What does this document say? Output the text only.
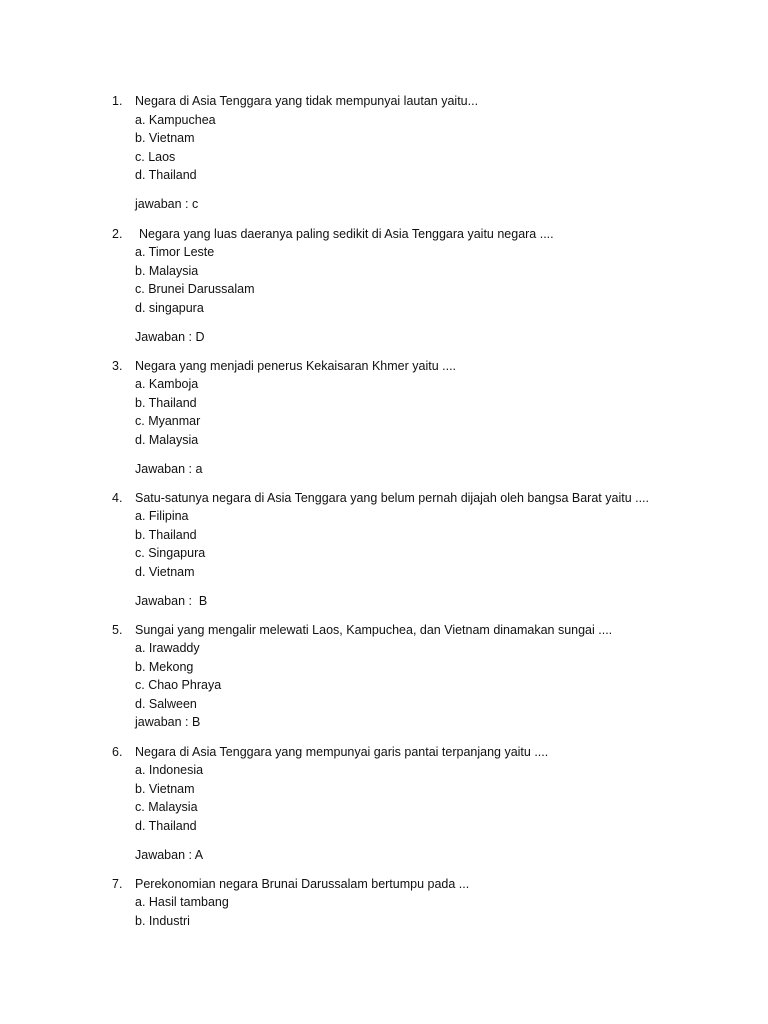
1. Negara di Asia Tenggara yang tidak mempunyai lautan yaitu...
a. Kampuchea
b. Vietnam
c. Laos
d. Thailand
jawaban : c
2. Negara yang luas daeranya paling sedikit di Asia Tenggara yaitu negara ....
a. Timor Leste
b. Malaysia
c. Brunei Darussalam
d. singapura
Jawaban : D
3. Negara yang menjadi penerus Kekaisaran Khmer yaitu ....
a. Kamboja
b. Thailand
c. Myanmar
d. Malaysia
Jawaban : a
4. Satu-satunya negara di Asia Tenggara yang belum pernah dijajah oleh bangsa Barat yaitu ....
a. Filipina
b. Thailand
c. Singapura
d. Vietnam
Jawaban :  B
5. Sungai yang mengalir melewati Laos, Kampuchea, dan Vietnam dinamakan sungai ....
a. Irawaddy
b. Mekong
c. Chao Phraya
d. Salween
jawaban : B
6. Negara di Asia Tenggara yang mempunyai garis pantai terpanjang yaitu ....
a. Indonesia
b. Vietnam
c. Malaysia
d. Thailand
Jawaban : A
7. Perekonomian negara Brunai Darussalam bertumpu pada ...
a. Hasil tambang
b. Industri
